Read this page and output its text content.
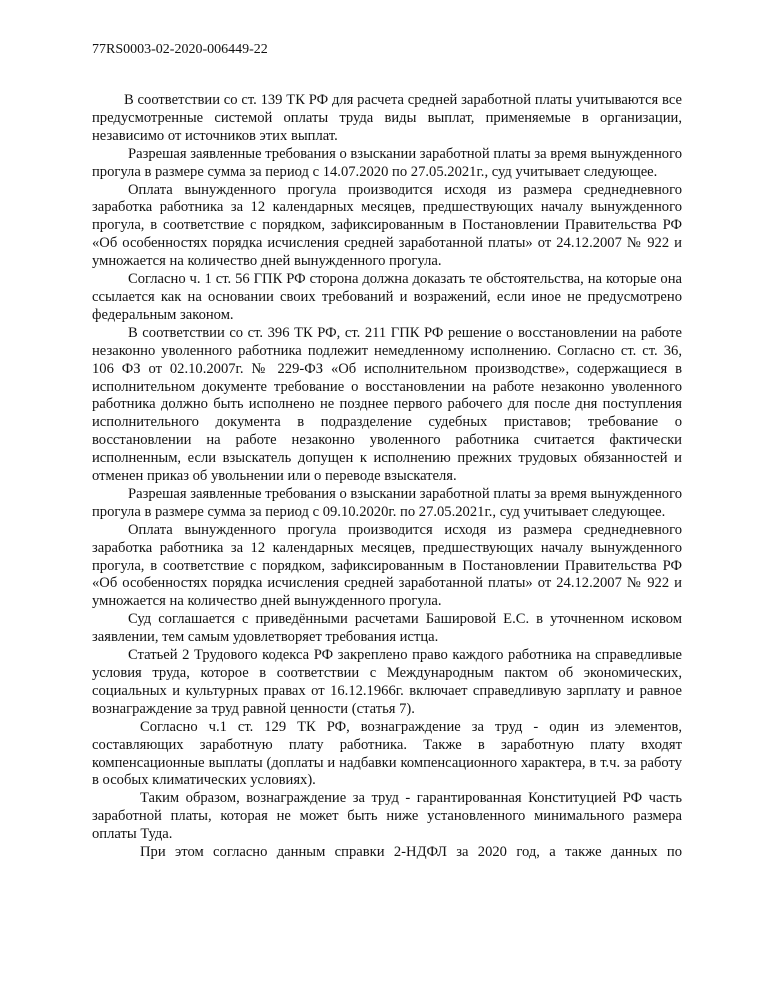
77RS0003-02-2020-006449-22

В соответствии со ст. 139 ТК РФ для расчета средней заработной платы учитываются все предусмотренные системой оплаты труда виды выплат, применяемые в организации, независимо от источников этих выплат.

Разрешая заявленные требования о взыскании заработной платы за время вынужденного прогула в размере сумма за период с 14.07.2020 по 27.05.2021г., суд учитывает следующее.

Оплата вынужденного прогула производится исходя из размера среднедневного заработка работника за 12 календарных месяцев, предшествующих началу вынужденного прогула, в соответствие с порядком, зафиксированным в Постановлении Правительства РФ «Об особенностях порядка исчисления средней заработанной платы» от 24.12.2007 № 922 и умножается на количество дней вынужденного прогула.

Согласно ч. 1 ст. 56 ГПК РФ сторона должна доказать те обстоятельства, на которые она ссылается как на основании своих требований и возражений, если иное не предусмотрено федеральным законом.

В соответствии со ст. 396 ТК РФ, ст. 211 ГПК РФ решение о восстановлении на работе незаконно уволенного работника подлежит немедленному исполнению. Согласно ст. ст. 36, 106 ФЗ от 02.10.2007г. № 229-ФЗ «Об исполнительном производстве», содержащиеся в исполнительном документе требование о восстановлении на работе незаконно уволенного работника должно быть исполнено не позднее первого рабочего для после дня поступления исполнительного документа в подразделение судебных приставов; требование о восстановлении на работе незаконно уволенного работника считается фактически исполненным, если взыскатель допущен к исполнению прежних трудовых обязанностей и отменен приказ об увольнении или о переводе взыскателя.

Разрешая заявленные требования о взыскании заработной платы за время вынужденного прогула в размере сумма за период с 09.10.2020г. по 27.05.2021г., суд учитывает следующее.

Оплата вынужденного прогула производится исходя из размера среднедневного заработка работника за 12 календарных месяцев, предшествующих началу вынужденного прогула, в соответствие с порядком, зафиксированным в Постановлении Правительства РФ «Об особенностях порядка исчисления средней заработанной платы» от 24.12.2007 № 922 и умножается на количество дней вынужденного прогула.

Суд соглашается с приведёнными расчетами Башировой Е.С. в уточненном исковом заявлении, тем самым удовлетворяет требования истца.

Статьей 2 Трудового кодекса РФ закреплено право каждого работника на справедливые условия труда, которое в соответствии с Международным пактом об экономических, социальных и культурных правах от 16.12.1966г. включает справедливую зарплату и равное вознаграждение за труд равной ценности (статья 7).

Согласно ч.1 ст. 129 ТК РФ, вознаграждение за труд - один из элементов, составляющих заработную плату работника. Также в заработную плату входят компенсационные выплаты (доплаты и надбавки компенсационного характера, в т.ч. за работу в особых климатических условиях).

Таким образом, вознаграждение за труд - гарантированная Конституцией РФ часть заработной платы, которая не может быть ниже установленного минимального размера оплаты Туда.

При этом согласно данным справки 2-НДФЛ за 2020 год, а также данных по
